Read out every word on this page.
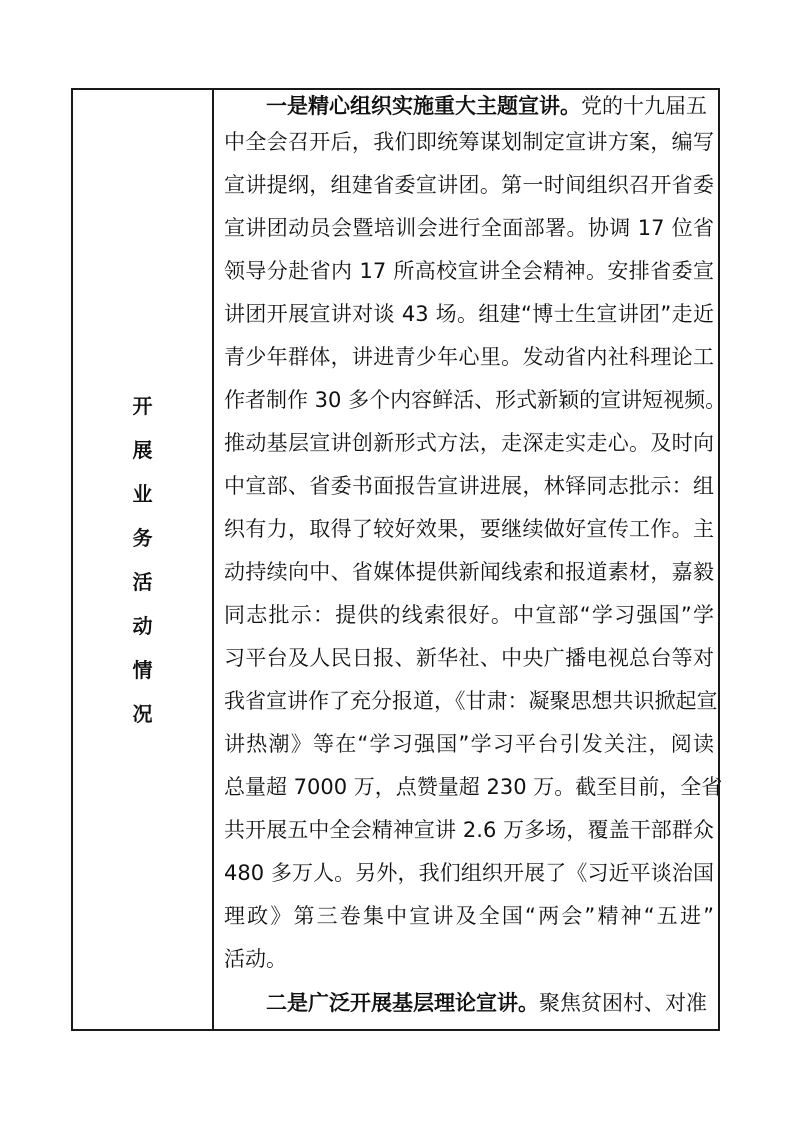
开
展
业
务
活
动
情
况
一是精心组织实施重大主题宣讲。党的十九届五
中全会召开后，我们即统筹谋划制定宣讲方案，编写
宣讲提纲，组建省委宣讲团。第一时间组织召开省委
宣讲团动员会暨培训会进行全面部署。协调 17 位省
领导分赴省内 17 所高校宣讲全会精神。安排省委宣
讲团开展宣讲对谈 43 场。组建“博士生宣讲团”走近
青少年群体，讲进青少年心里。发动省内社科理论工
作者制作 30 多个内容鲜活、形式新颖的宣讲短视频。
推动基层宣讲创新形式方法，走深走实走心。及时向
中宣部、省委书面报告宣讲进展，林铎同志批示：组
织有力，取得了较好效果，要继续做好宣传工作。主
动持续向中、省媒体提供新闻线索和报道素材，嘉毅
同志批示：提供的线索很好。中宣部“学习强国”学
习平台及人民日报、新华社、中央广播电视总台等对
我省宣讲作了充分报道，《甘肃：凝聚思想共识掀起宣
讲热潮》等在“学习强国”学习平台引发关注，阅读
总量超 7000 万，点赞量超 230 万。截至目前，全省
共开展五中全会精神宣讲 2.6 万多场，覆盖干部群众
480 多万人。另外，我们组织开展了《习近平谈治国
理政》第三卷集中宣讲及全国“两会”精神“五进”
活动。
二是广泛开展基层理论宣讲。聚焦贫困村、对准
